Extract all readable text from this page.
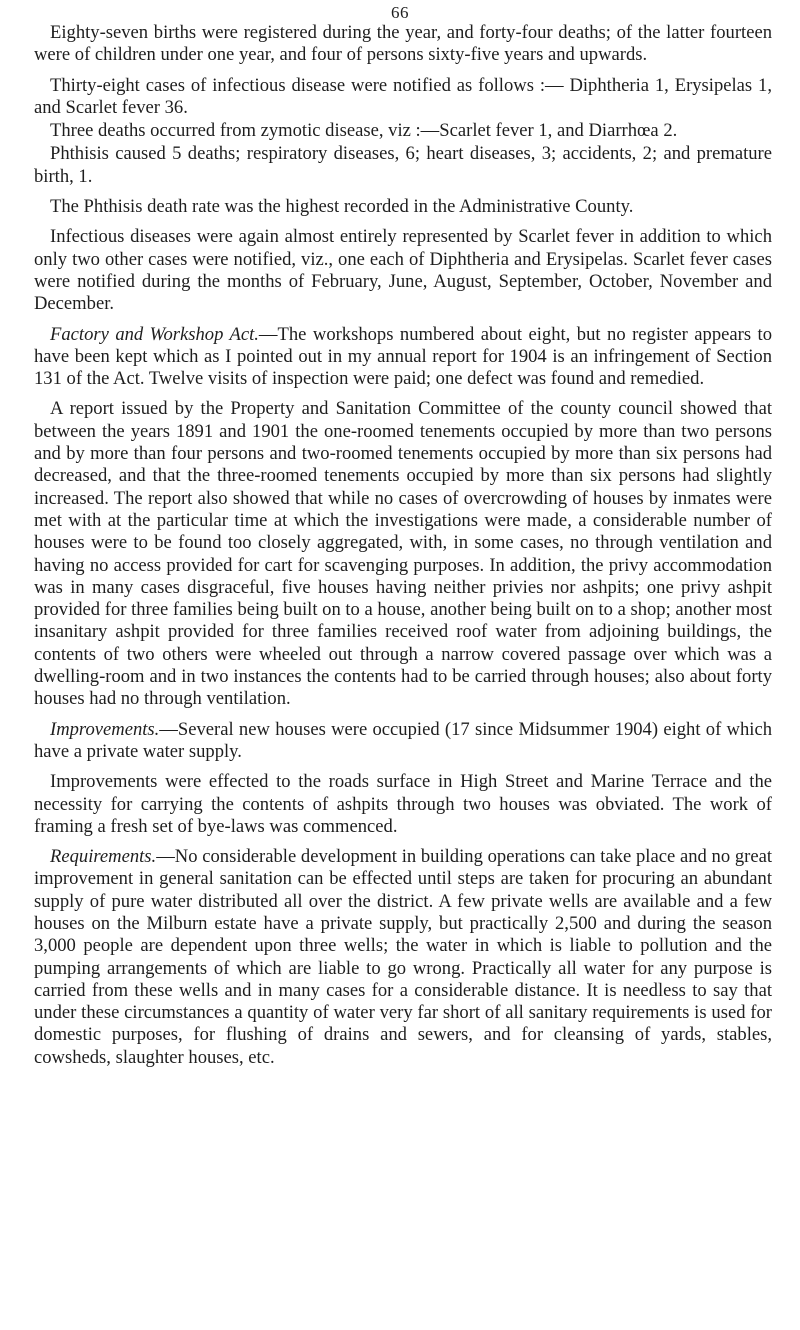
66

Eighty-seven births were registered during the year, and forty-four deaths; of the latter fourteen were of children under one year, and four of persons sixty-five years and upwards.

Thirty-eight cases of infectious disease were notified as follows :— Diphtheria 1, Erysipelas 1, and Scarlet fever 36.

Three deaths occurred from zymotic disease, viz :—Scarlet fever 1, and Diarrhœa 2.

Phthisis caused 5 deaths; respiratory diseases, 6; heart diseases, 3; accidents, 2; and premature birth, 1.

The Phthisis death rate was the highest recorded in the Administrative County.

Infectious diseases were again almost entirely represented by Scarlet fever in addition to which only two other cases were notified, viz., one each of Diphtheria and Erysipelas. Scarlet fever cases were notified during the months of February, June, August, September, October, November and December.

Factory and Workshop Act.—The workshops numbered about eight, but no register appears to have been kept which as I pointed out in my annual report for 1904 is an infringement of Section 131 of the Act. Twelve visits of inspection were paid; one defect was found and remedied.

A report issued by the Property and Sanitation Committee of the county council showed that between the years 1891 and 1901 the one-roomed tenements occupied by more than two persons and by more than four persons and two-roomed tenements occupied by more than six persons had decreased, and that the three-roomed tenements occupied by more than six persons had slightly increased. The report also showed that while no cases of overcrowding of houses by inmates were met with at the particular time at which the investigations were made, a considerable number of houses were to be found too closely aggregated, with, in some cases, no through ventilation and having no access provided for cart for scavenging purposes. In addition, the privy accommodation was in many cases disgraceful, five houses having neither privies nor ashpits; one privy ashpit provided for three families being built on to a house, another being built on to a shop; another most insanitary ashpit provided for three families received roof water from adjoining buildings, the contents of two others were wheeled out through a narrow covered passage over which was a dwelling-room and in two instances the contents had to be carried through houses; also about forty houses had no through ventilation.

Improvements.—Several new houses were occupied (17 since Midsummer 1904) eight of which have a private water supply.

Improvements were effected to the roads surface in High Street and Marine Terrace and the necessity for carrying the contents of ashpits through two houses was obviated. The work of framing a fresh set of bye-laws was commenced.

Requirements.—No considerable development in building operations can take place and no great improvement in general sanitation can be effected until steps are taken for procuring an abundant supply of pure water distributed all over the district. A few private wells are available and a few houses on the Milburn estate have a private supply, but practically 2,500 and during the season 3,000 people are dependent upon three wells; the water in which is liable to pollution and the pumping arrangements of which are liable to go wrong. Practically all water for any purpose is carried from these wells and in many cases for a considerable distance. It is needless to say that under these circumstances a quantity of water very far short of all sanitary requirements is used for domestic purposes, for flushing of drains and sewers, and for cleansing of yards, stables, cowsheds, slaughter houses, etc.
